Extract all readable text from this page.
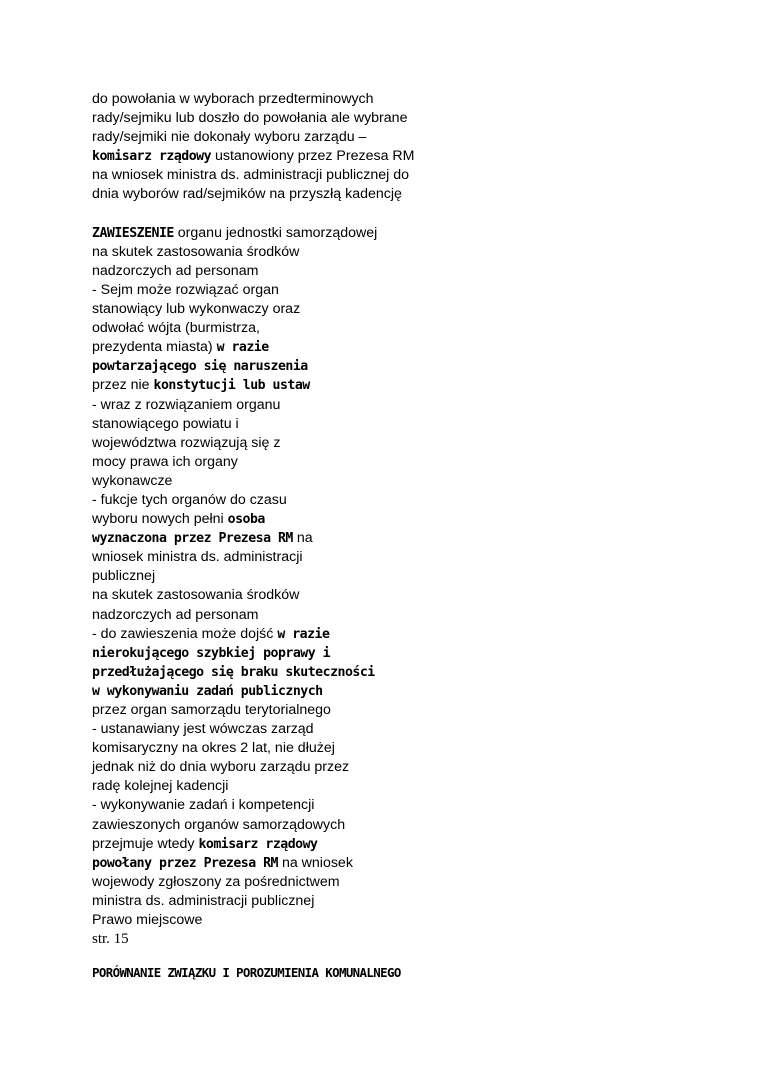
do powołania w wyborach przedterminowych
rady/sejmiku lub doszło do powołania ale wybrane
rady/sejmiki nie dokonały wyboru zarządu –
komisarz rządowy ustanowiony przez Prezesa RM
na wniosek ministra ds. administracji publicznej do
dnia wyborów rad/sejmików na przyszłą kadencję
ZAWIESZENIE organu jednostki samorządowej
na skutek zastosowania środków
nadzorczych ad personam
- Sejm może rozwiązać organ
stanowiący lub wykonwaczy oraz
odwołać wójta (burmistrza,
prezydenta miasta) w razie
powtarzającego się naruszenia
przez nie konstytucji lub ustaw
- wraz z rozwiązaniem organu
stanowiącego powiatu i
województwa rozwiązują się z
mocy prawa ich organy
wykonawcze
- fukcje tych organów do czasu
wyboru nowych pełni osoba
wyznaczona przez Prezesa RM na
wniosek ministra ds. administracji
publicznej
na skutek zastosowania środków
nadzorczych ad personam
- do zawieszenia może dojść w razie
nierokującego szybkiej poprawy i
przedłużającego się braku skuteczności
w wykonywaniu zadań publicznych
przez organ samorządu terytorialnego
- ustanawiany jest wówczas zarząd
komisaryczny na okres 2 lat, nie dłużej
jednak niż do dnia wyboru zarządu przez
radę kolejnej kadencji
- wykonywanie zadań i kompetencji
zawieszonych organów samorządowych
przejmuje wtedy komisarz rządowy
powołany przez Prezesa RM na wniosek
wojewody zgłoszony za pośrednictwem
ministra ds. administracji publicznej
Prawo miejscowe
str. 15
PORÓWNANIE ZWIĄZKU I POROZUMIENIA KOMUNALNEGO
